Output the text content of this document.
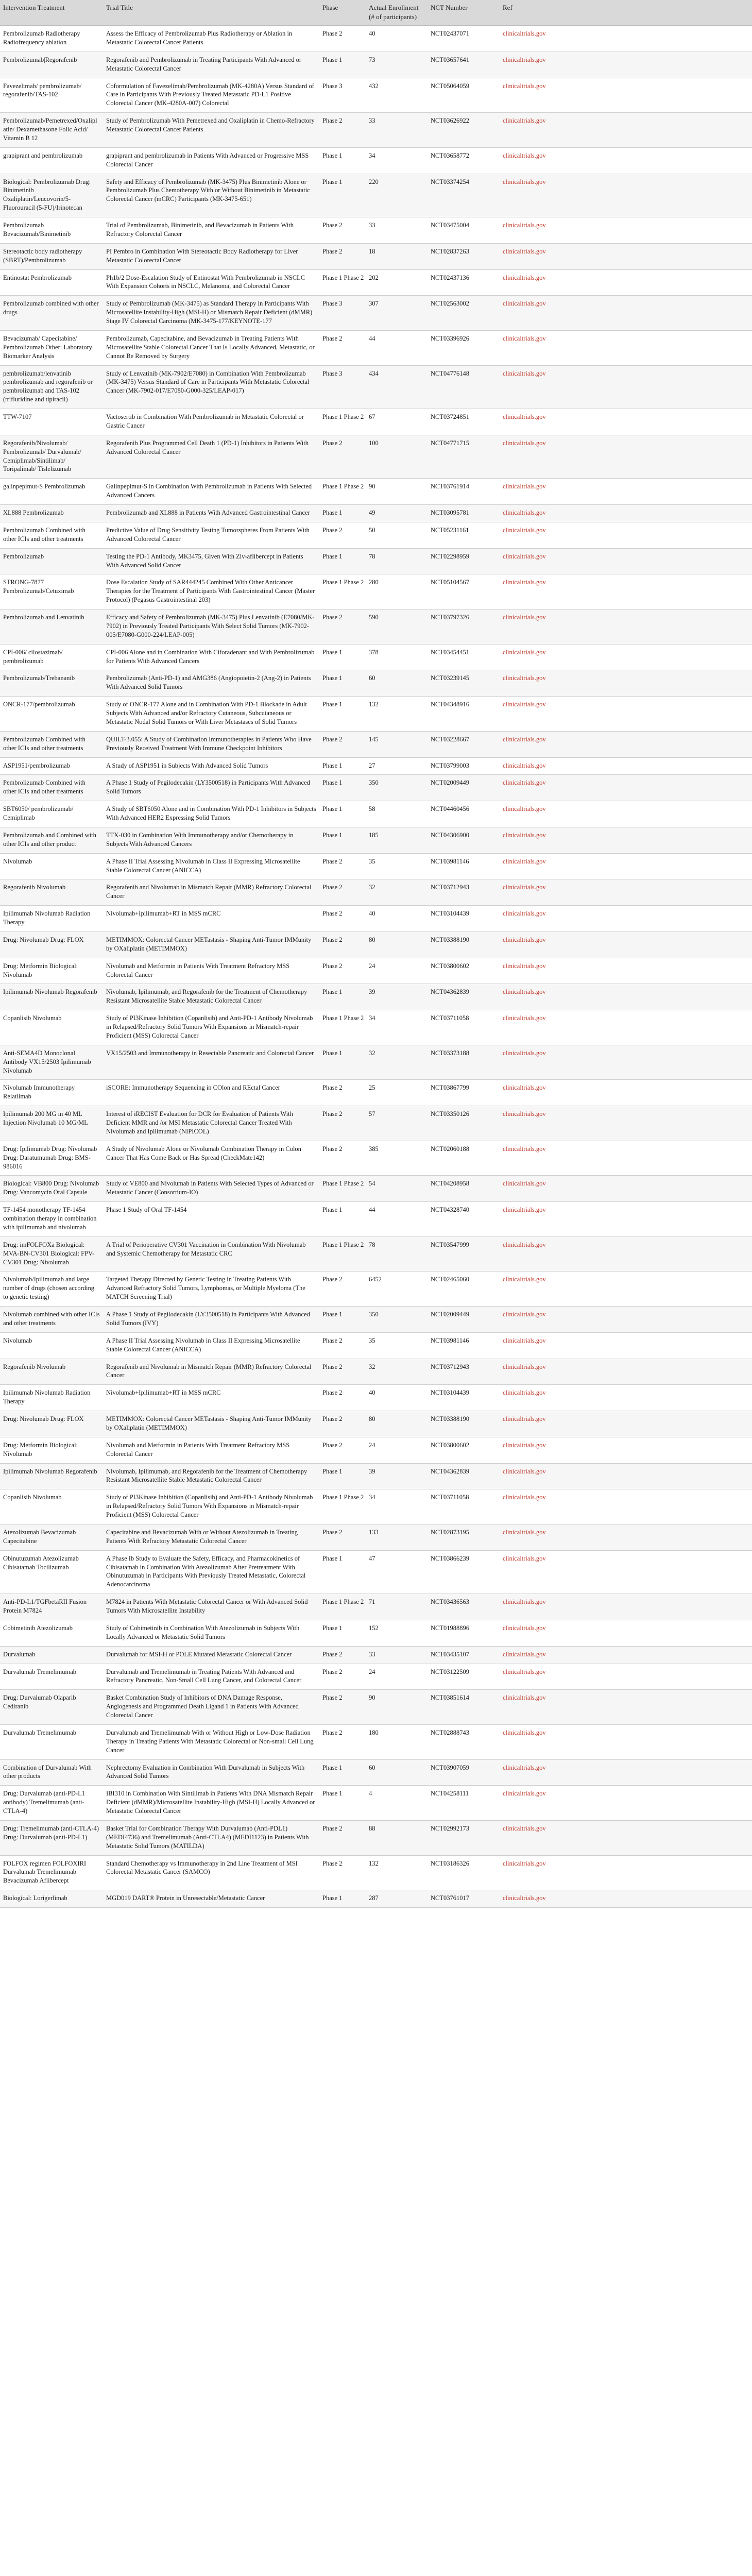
Intervention Treatment	Trial Title	Phase	Actual Enrollment (# of participants)	NCT Number	Ref
Pembrolizumab Radiotherapy Radiofrequency ablation	Assess the Efficacy of Pembrolizumab Plus Radiotherapy or Ablation in Metastatic Colorectal Cancer Patients	Phase 2	40	NCT02437071	clinicaltrials.gov
Pembrolizumab|Regorafenib	Regorafenib and Pembrolizumab in Treating Participants With Advanced or Metastatic Colorectal Cancer	Phase 1	73	NCT03657641	clinicaltrials.gov
Favezelimab/ pembrolizumab/ regorafenib/TAS-102	Coformulation of Favezelimab/Pembrolizumab (MK-4280A) Versus Standard of Care in Participants With Previously Treated Metastatic PD-L1 Positive Colorectal Cancer (MK-4280A-007) Colorectal	Phase 3	432	NCT05064059	clinicaltrials.gov
Pembrolizumab/Pemetrexed/Oxaliplatin/ Dexamethasone Folic Acid/ Vitamin B 12	Study of Pembrolizumab With Pemetrexed and Oxaliplatin in Chemo-Refractory Metastatic Colorectal Cancer Patients	Phase 2	33	NCT03626922	clinicaltrials.gov
grapiprant and pembrolizumab	grapiprant and pembrolizumab in Patients With Advanced or Progressive MSS Colorectal Cancer	Phase 1	34	NCT03658772	clinicaltrials.gov
Biological: Pembrolizumab Drug: Binimetinib Oxaliplatin/Leucovorin/5-Fluorouracil (5-FU)/Irinotecan	Safety and Efficacy of Pembrolizumab (MK-3475) Plus Binimetinib Alone or Pembrolizumab Plus Chemotherapy With or Without Binimetinib in Metastatic Colorectal Cancer (mCRC) Participants (MK-3475-651)	Phase 1	220	NCT03374254	clinicaltrials.gov
Pembrolizumab Bevacizumab/Binimetinib	Trial of Pembrolizumab, Binimetinib, and Bevacizumab in Patients With Refractory Colorectal Cancer	Phase 2	33	NCT03475004	clinicaltrials.gov
Stereotactic body radiotherapy (SBRT)/Pembrolizumab	PI Pembro in Combination With Stereotactic Body Radiotherapy for Liver Metastatic Colorectal Cancer	Phase 2	18	NCT02837263	clinicaltrials.gov
Entinostat Pembrolizumab	Ph1b/2 Dose-Escalation Study of Entinostat With Pembrolizumab in NSCLC With Expansion Cohorts in NSCLC, Melanoma, and Colorectal Cancer	Phase 1 Phase 2	202	NCT02437136	clinicaltrials.gov
Pembrolizumab combined with other drugs	Study of Pembrolizumab (MK-3475) as Standard Therapy in Participants With Microsatellite Instability-High (MSI-H) or Mismatch Repair Deficient (dMMR) Stage IV Colorectal Carcinoma (MK-3475-177/KEYNOTE-177	Phase 3	307	NCT02563002	clinicaltrials.gov
Bevacizumab/ Capecitabine/ Pembrolizumab Other: Laboratory Biomarker Analysis	Pembrolizumab, Capecitabine, and Bevacizumab in Treating Patients With Microsatellite Stable Colorectal Cancer That Is Locally Advanced, Metastatic, or Cannot Be Removed by Surgery	Phase 2	44	NCT03396926	clinicaltrials.gov
pembrolizumab/lenvatinib pembrolizumab and regorafenib or pembrolizumab and TAS-102 (trifluridine and tipiracil)	Study of Lenvatinib (MK-7902/E7080) in Combination With Pembrolizumab (MK-3475) Versus Standard of Care in Participants With Metastatic Colorectal Cancer (MK-7902-017/E7080-G000-325/LEAP-017)	Phase 3	434	NCT04776148	clinicaltrials.gov
TTW-7107	Vactosertib in Combination With Pembrolizumab in Metastatic Colorectal or Gastric Cancer	Phase 1 Phase 2	67	NCT03724851	clinicaltrials.gov
Regorafenib/Nivolumab/ Pembrolizumab/ Durvalumab/ Cemiplimab/Sintilimab/ Toripalimab/ Tislelizumab	Regorafenib Plus Programmed Cell Death 1 (PD-1) Inhibitors in Patients With Advanced Colorectal Cancer	Phase 2	100	NCT04771715	clinicaltrials.gov
galinpepimut-S Pembrolizumab	Galinpepimut-S in Combination With Pembrolizumab in Patients With Selected Advanced Cancers	Phase 1 Phase 2	90	NCT03761914	clinicaltrials.gov
XL888 Pembrolizumab	Pembrolizumab and XL888 in Patients With Advanced Gastrointestinal Cancer	Phase 1	49	NCT03095781	clinicaltrials.gov
Pembrolizumab Combined with other ICIs and other treatments	Predictive Value of Drug Sensitivity Testing Tumorspheres From Patients With Advanced Colorectal Cancer	Phase 2	50	NCT05231161	clinicaltrials.gov
Pembrolizumab	Testing the PD-1 Antibody, MK3475, Given With Ziv-aflibercept in Patients With Advanced Solid Cancer	Phase 1	78	NCT02298959	clinicaltrials.gov
STRONG-7877 Pembrolizumab/Cetuximab	Dose Escalation Study of SAR444245 Combined With Other Anticancer Therapies for the Treatment of Participants With Gastrointestinal Cancer (Master Protocol) (Pegasus Gastrointestinal 203)	Phase 1 Phase 2	280	NCT05104567	clinicaltrials.gov
Pembrolizumab and Lenvatinib	Efficacy and Safety of Pembrolizumab (MK-3475) Plus Lenvatinib (E7080/MK-7902) in Previously Treated Participants With Select Solid Tumors (MK-7902-005/E7080-G000-224/LEAP-005)	Phase 2	590	NCT03797326	clinicaltrials.gov
CPI-006/ cilostazimab/ pembrolizumab	CPI-006 Alone and in Combination With Ciforadenant and With Pembrolizumab for Patients With Advanced Cancers	Phase 1	378	NCT03454451	clinicaltrials.gov
Pembrolizumab/Trebananib	Pembrolizumab (Anti-PD-1) and AMG386 (Angiopoietin-2 (Ang-2) in Patients With Advanced Solid Tumors	Phase 1	60	NCT03239145	clinicaltrials.gov
ONCR-177/pembrolizumab	Study of ONCR-177 Alone and in Combination With PD-1 Blockade in Adult Subjects With Advanced and/or Refractory Cutaneous, Subcutaneous or Metastatic Nodal Solid Tumors or With Liver Metastases of Solid Tumors	Phase 1	132	NCT04348916	clinicaltrials.gov
Pembrolizumab Combined with other ICIs and other treatments	QUILT-3.055: A Study of Combination Immunotherapies in Patients Who Have Previously Received Treatment With Immune Checkpoint Inhibitors	Phase 2	145	NCT03228667	clinicaltrials.gov
ASP1951/pembrolizumab	A Study of ASP1951 in Subjects With Advanced Solid Tumors	Phase 1	27	NCT03799003	clinicaltrials.gov
Pembrolizumab Combined with other ICIs and other treatments	A Phase 1 Study of Pegilodecakin (LY3500518) in Participants With Advanced Solid Tumors	Phase 1	350	NCT02009449	clinicaltrials.gov
SBT6050/ pembrolizumab/ Cemiplimab	A Study of SBT6050 Alone and in Combination With PD-1 Inhibitors in Subjects With Advanced HER2 Expressing Solid Tumors	Phase 1	58	NCT04460456	clinicaltrials.gov
Pembrolizumab and Combined with other ICIs and other product	TTX-030 in Combination With Immunotherapy and/or Chemotherapy in Subjects With Advanced Cancers	Phase 1	185	NCT04306900	clinicaltrials.gov
Nivolumab	A Phase II Trial Assessing Nivolumab in Class II Expressing Microsatellite Stable Colorectal Cancer (ANICCA)	Phase 2	35	NCT03981146	clinicaltrials.gov
Regorafenib Nivolumab	Regorafenib and Nivolumab in Mismatch Repair (MMR) Refractory Colorectal Cancer	Phase 2	32	NCT03712943	clinicaltrials.gov
Ipilimumab Nivolumab Radiation Therapy	Nivolumab+Ipilimumab+RT in MSS mCRC	Phase 2	40	NCT03104439	clinicaltrials.gov
Drug: Nivolumab Drug: FLOX	METIMMOX: Colorectal Cancer METastasis - Shaping Anti-Tumor IMMunity by OXaliplatin (METIMMOX)	Phase 2	80	NCT03388190	clinicaltrials.gov
Drug: Metformin Biological: Nivolumab	Nivolumab and Metformin in Patients With Treatment Refractory MSS Colorectal Cancer	Phase 2	24	NCT03800602	clinicaltrials.gov
Ipilimumab Nivolumab Regorafenib	Nivolumab, Ipilimumab, and Regorafenib for the Treatment of Chemotherapy Resistant Microsatellite Stable Metastatic Colorectal Cancer	Phase 1	39	NCT04362839	clinicaltrials.gov
Copanlisib Nivolumab	Study of PI3Kinase Inhibition (Copanlisib) and Anti-PD-1 Antibody Nivolumab in Relapsed/Refractory Solid Tumors With Expansions in Mismatch-repair Proficient (MSS) Colorectal Cancer	Phase 1 Phase 2	34	NCT03711058	clinicaltrials.gov
Anti-SEMA4D Monoclonal Antibody VX15/2503 Ipilimumab Nivolumab	VX15/2503 and Immunotherapy in Resectable Pancreatic and Colorectal Cancer	Phase 1	32	NCT03373188	clinicaltrials.gov
Nivolumab Immunotherapy Relatlimab	iSCORE: Immunotherapy Sequencing in COlon and REctal Cancer	Phase 2	25	NCT03867799	clinicaltrials.gov
Ipilimumab 200 MG in 40 ML Injection Nivolumab 10 MG/ML	Interest of iRECIST Evaluation for DCR for Evaluation of Patients With Deficient MMR and /or MSI Metastatic Colorectal Cancer Treated With Nivolumab and Ipilimumab (NIPICOL)	Phase 2	57	NCT03350126	clinicaltrials.gov
Drug: Ipilimumab Drug: Nivolumab Drug: Daratumumab Drug: BMS-986016	A Study of Nivolumab Alone or Nivolumab Combination Therapy in Colon Cancer That Has Come Back or Has Spread (CheckMate142)	Phase 2	385	NCT02060188	clinicaltrials.gov
Biological: VB800 Drug: Nivolumab Drug: Vancomycin Oral Capsule	Study of VE800 and Nivolumab in Patients With Selected Types of Advanced or Metastatic Cancer (Consortium-IO)	Phase 1 Phase 2	54	NCT04208958	clinicaltrials.gov
TF-1454 monotherapy TF-1454 combination therapy in combination with ipilimumab and nivolumab	Phase 1 Study of Oral TF-1454	Phase 1	44	NCT04328740	clinicaltrials.gov
Drug: imFOLFOXa Biological: MVA-BN-CV301 Biological: FPV-CV301 Drug: Nivolumab	A Trial of Perioperative CV301 Vaccination in Combination With Nivolumab and Systemic Chemotherapy for Metastatic CRC	Phase 1 Phase 2	78	NCT03547999	clinicaltrials.gov
Nivolumab/Ipilimumab and large number of drugs (chosen according to genetic testing)	Targeted Therapy Directed by Genetic Testing in Treating Patients With Advanced Refractory Solid Tumors, Lymphomas, or Multiple Myeloma (The MATCH Screening Trial)	Phase 2	6452	NCT02465060	clinicaltrials.gov
Nivolumab combined with other ICIs and other treatments	A Phase 1 Study of Pegilodecakin (LY3500518) in Participants With Advanced Solid Tumors (IVY)	Phase 1	350	NCT02009449	clinicaltrials.gov
Nivolumab	A Phase II Trial Assessing Nivolumab in Class II Expressing Microsatellite Stable Colorectal Cancer (ANICCA)	Phase 2	35	NCT03981146	clinicaltrials.gov
Regorafenib Nivolumab	Regorafenib and Nivolumab in Mismatch Repair (MMR) Refractory Colorectal Cancer	Phase 2	32	NCT03712943	clinicaltrials.gov
Ipilimumab Nivolumab Radiation Therapy	Nivolumab+Ipilimumab+RT in MSS mCRC	Phase 2	40	NCT03104439	clinicaltrials.gov
Drug: Nivolumab Drug: FLOX	METIMMOX: Colorectal Cancer METastasis - Shaping Anti-Tumor IMMunity by OXaliplatin (METIMMOX)	Phase 2	80	NCT03388190	clinicaltrials.gov
Drug: Metformin Biological: Nivolumab	Nivolumab and Metformin in Patients With Treatment Refractory MSS Colorectal Cancer	Phase 2	24	NCT03800602	clinicaltrials.gov
Ipilimumab Nivolumab Regorafenib	Nivolumab, Ipilimumab, and Regorafenib for the Treatment of Chemotherapy Resistant Microsatellite Stable Metastatic Colorectal Cancer	Phase 1	39	NCT04362839	clinicaltrials.gov
Copanlisib Nivolumab	Study of PI3Kinase Inhibition (Copanlisib) and Anti-PD-1 Antibody Nivolumab in Relapsed/Refractory Solid Tumors With Expansions in Mismatch-repair Proficient (MSS) Colorectal Cancer	Phase 1 Phase 2	34	NCT03711058	clinicaltrials.gov
Atezolizumab Bevacizumab Capecitabine	Capecitabine and Bevacizumab With or Without Atezolizumab in Treating Patients With Refractory Metastatic Colorectal Cancer	Phase 2	133	NCT02873195	clinicaltrials.gov
Obinutuzumab Atezolizumab Cibisatamab Tocilizumab	A Phase Ib Study to Evaluate the Safety, Efficacy, and Pharmacokinetics of Cibisatamab in Combination With Atezolizumab After Pretreatment With Obinutuzumab in Participants With Previously Treated Metastatic, Colorectal Adenocarcinoma	Phase 1	47	NCT03866239	clinicaltrials.gov
Anti-PD-L1/TGFbetaRII Fusion Protein M7824	M7824 in Patients With Metastatic Colorectal Cancer or With Advanced Solid Tumors With Microsatellite Instability	Phase 1 Phase 2	71	NCT03436563	clinicaltrials.gov
Cobimetinib Atezolizumab	Study of Cobimetinib in Combination With Atezolizumab in Subjects With Locally Advanced or Metastatic Solid Tumors	Phase 1	152	NCT01988896	clinicaltrials.gov
Durvalumab	Durvalumab for MSI-H or POLE Mutated Metastatic Colorectal Cancer	Phase 2	33	NCT03435107	clinicaltrials.gov
Durvalumab Tremelimumab	Durvalumab and Tremelimumab in Treating Patients With Advanced and Refractory Pancreatic, Non-Small Cell Lung Cancer, and Colorectal Cancer	Phase 2	24	NCT03122509	clinicaltrials.gov
Drug: Durvalumab Olaparib Cediranib	Basket Combination Study of Inhibitors of DNA Damage Response, Angiogenesis and Programmed Death Ligand 1 in Patients With Advanced Colorectal Cancer	Phase 2	90	NCT03851614	clinicaltrials.gov
Durvalumab Tremelimumab	Durvalumab and Tremelimumab With or Without High or Low-Dose Radiation Therapy in Treating Patients With Metastatic Colorectal or Non-small Cell Lung Cancer	Phase 2	180	NCT02888743	clinicaltrials.gov
Combination of Durvalumab With other products	Nephrectomy Evaluation in Combination With Durvalumab in Subjects With Advanced Solid Tumors	Phase 1	60	NCT03907059	clinicaltrials.gov
Drug: Durvalumab (anti-PD-L1 antibody) Tremelimumab (anti-CTLA-4)	IBI310 in Combination With Sintilimab in Patients With DNA Mismatch Repair Deficient (dMMR)/Microsatellite Instability-High (MSI-H) Locally Advanced or Metastatic Colorectal Cancer	Phase 1	4	NCT04258111	clinicaltrials.gov
Drug: Tremelimumab (anti-CTLA-4) Drug: Durvalumab (anti-PD-L1)	Basket Trial for Combination Therapy With Durvalumab (Anti-PDL1) (MEDI4736) and Tremelimumab (Anti-CTLA4) (MEDI1123) in Patients With Metastatic Solid Tumors (MATILDA)	Phase 2	88	NCT02992173	clinicaltrials.gov
FOLFOX regimen FOLFOXIRI Durvalumab Tremelimumab Bevacizumab Aflibercept	Standard Chemotherapy vs Immunotherapy in 2nd Line Treatment of MSI Colorectal Metastatic Cancer (SAMCO)	Phase 2	132	NCT03186326	clinicaltrials.gov
Biological: Lorigerlimab	MGD019 DART® Protein in Unresectable/Metastatic Cancer	Phase 1	287	NCT03761017	clinicaltrials.gov
